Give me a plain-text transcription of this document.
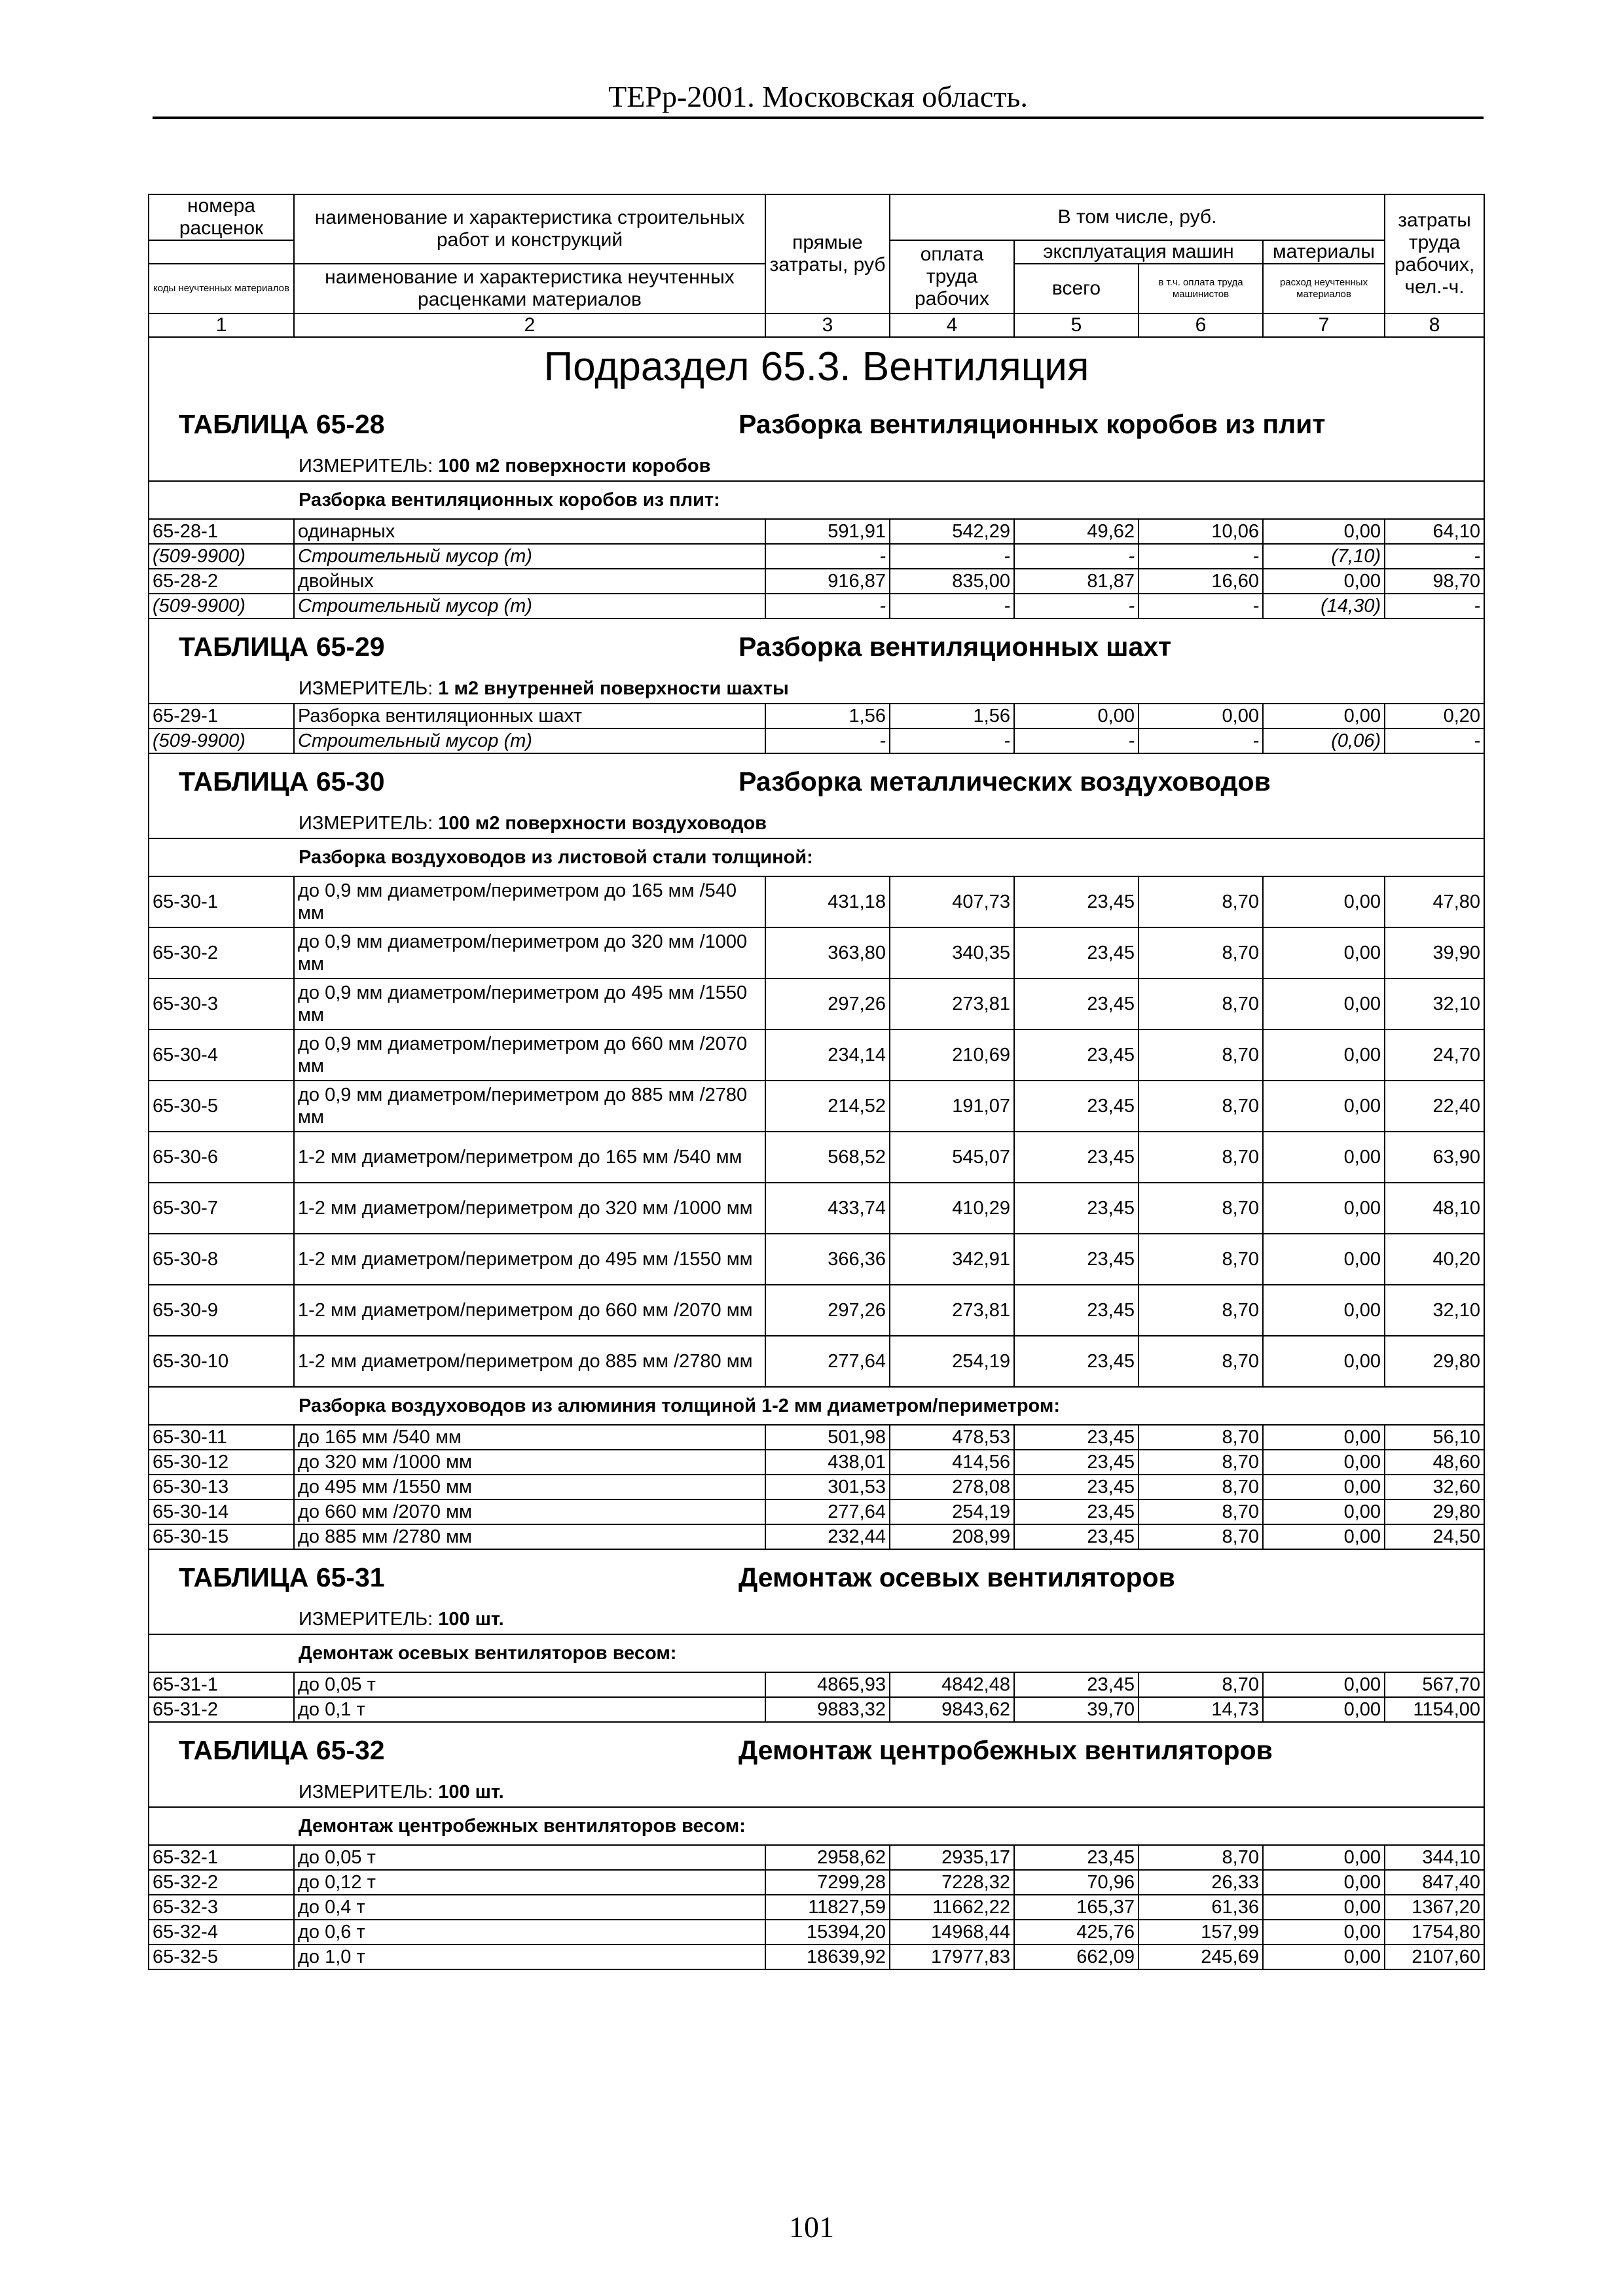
ТЕРр-2001. Московская область.
номера расценок	наименование и характеристика строительных работ и конструкций	прямые затраты, руб	В том числе, руб.				затраты труда рабочих, чел.-ч.
			оплата труда рабочих	эксплуатация машин		материалы	
коды неучтенных материалов	наименование и характеристика неучтенных расценками материалов			всего	в т.ч. оплата труда машинистов	расход неучтенных материалов	

1	2	3	4	5	6	7	8
Подраздел 65.3. Вентиляция							

ТАБЛИЦА 65-28 Разборка вентиляционных коробов из плит							

ИЗМЕРИТЕЛЬ: 100 м2 поверхности коробов							
Разборка вентиляционных коробов из плит:							
65-28-1	одинарных	591,91	542,29	49,62	10,06	0,00	64,10
(509-9900)	Строительный мусор (т)	-	-	-	-	(7,10)	-
65-28-2	двойных	916,87	835,00	81,87	16,60	0,00	98,70
(509-9900)	Строительный мусор (т)	-	-	-	-	(14,30)	-

ТАБЛИЦА 65-29 Разборка вентиляционных шахт							

ИЗМЕРИТЕЛЬ: 1 м2 внутренней поверхности шахты							
65-29-1	Разборка вентиляционных шахт	1,56	1,56	0,00	0,00	0,00	0,20
(509-9900)	Строительный мусор (т)	-	-	-	-	(0,06)	-

ТАБЛИЦА 65-30 Разборка металлических воздуховодов							

ИЗМЕРИТЕЛЬ: 100 м2 поверхности воздуховодов							
Разборка воздуховодов из листовой стали толщиной:							
65-30-1	до 0,9 мм диаметром/периметром до 165 мм /540 мм	431,18	407,73	23,45	8,70	0,00	47,80
65-30-2	до 0,9 мм диаметром/периметром до 320 мм /1000 мм	363,80	340,35	23,45	8,70	0,00	39,90
65-30-3	до 0,9 мм диаметром/периметром до 495 мм /1550 мм	297,26	273,81	23,45	8,70	0,00	32,10
65-30-4	до 0,9 мм диаметром/периметром до 660 мм /2070 мм	234,14	210,69	23,45	8,70	0,00	24,70
65-30-5	до 0,9 мм диаметром/периметром до 885 мм /2780 мм	214,52	191,07	23,45	8,70	0,00	22,40
65-30-6	1-2 мм диаметром/периметром до 165 мм /540 мм	568,52	545,07	23,45	8,70	0,00	63,90
65-30-7	1-2 мм диаметром/периметром до 320 мм /1000 мм	433,74	410,29	23,45	8,70	0,00	48,10
65-30-8	1-2 мм диаметром/периметром до 495 мм /1550 мм	366,36	342,91	23,45	8,70	0,00	40,20
65-30-9	1-2 мм диаметром/периметром до 660 мм /2070 мм	297,26	273,81	23,45	8,70	0,00	32,10
65-30-10	1-2 мм диаметром/периметром до 885 мм /2780 мм	277,64	254,19	23,45	8,70	0,00	29,80
Разборка воздуховодов из алюминия толщиной 1-2 мм диаметром/периметром:							
65-30-11	до 165 мм /540 мм	501,98	478,53	23,45	8,70	0,00	56,10
65-30-12	до 320 мм /1000 мм	438,01	414,56	23,45	8,70	0,00	48,60
65-30-13	до 495 мм /1550 мм	301,53	278,08	23,45	8,70	0,00	32,60
65-30-14	до 660 мм /2070 мм	277,64	254,19	23,45	8,70	0,00	29,80
65-30-15	до 885 мм /2780 мм	232,44	208,99	23,45	8,70	0,00	24,50

ТАБЛИЦА 65-31 Демонтаж осевых вентиляторов							

ИЗМЕРИТЕЛЬ: 100 шт.							
Демонтаж осевых вентиляторов весом:							
65-31-1	до 0,05 т	4865,93	4842,48	23,45	8,70	0,00	567,70
65-31-2	до 0,1 т	9883,32	9843,62	39,70	14,73	0,00	1154,00

ТАБЛИЦА 65-32 Демонтаж центробежных вентиляторов							

ИЗМЕРИТЕЛЬ: 100 шт.							
Демонтаж центробежных вентиляторов весом:							
65-32-1	до 0,05 т	2958,62	2935,17	23,45	8,70	0,00	344,10
65-32-2	до 0,12 т	7299,28	7228,32	70,96	26,33	0,00	847,40
65-32-3	до 0,4 т	11827,59	11662,22	165,37	61,36	0,00	1367,20
65-32-4	до 0,6 т	15394,20	14968,44	425,76	157,99	0,00	1754,80
65-32-5	до 1,0 т	18639,92	17977,83	662,09	245,69	0,00	2107,60
101
